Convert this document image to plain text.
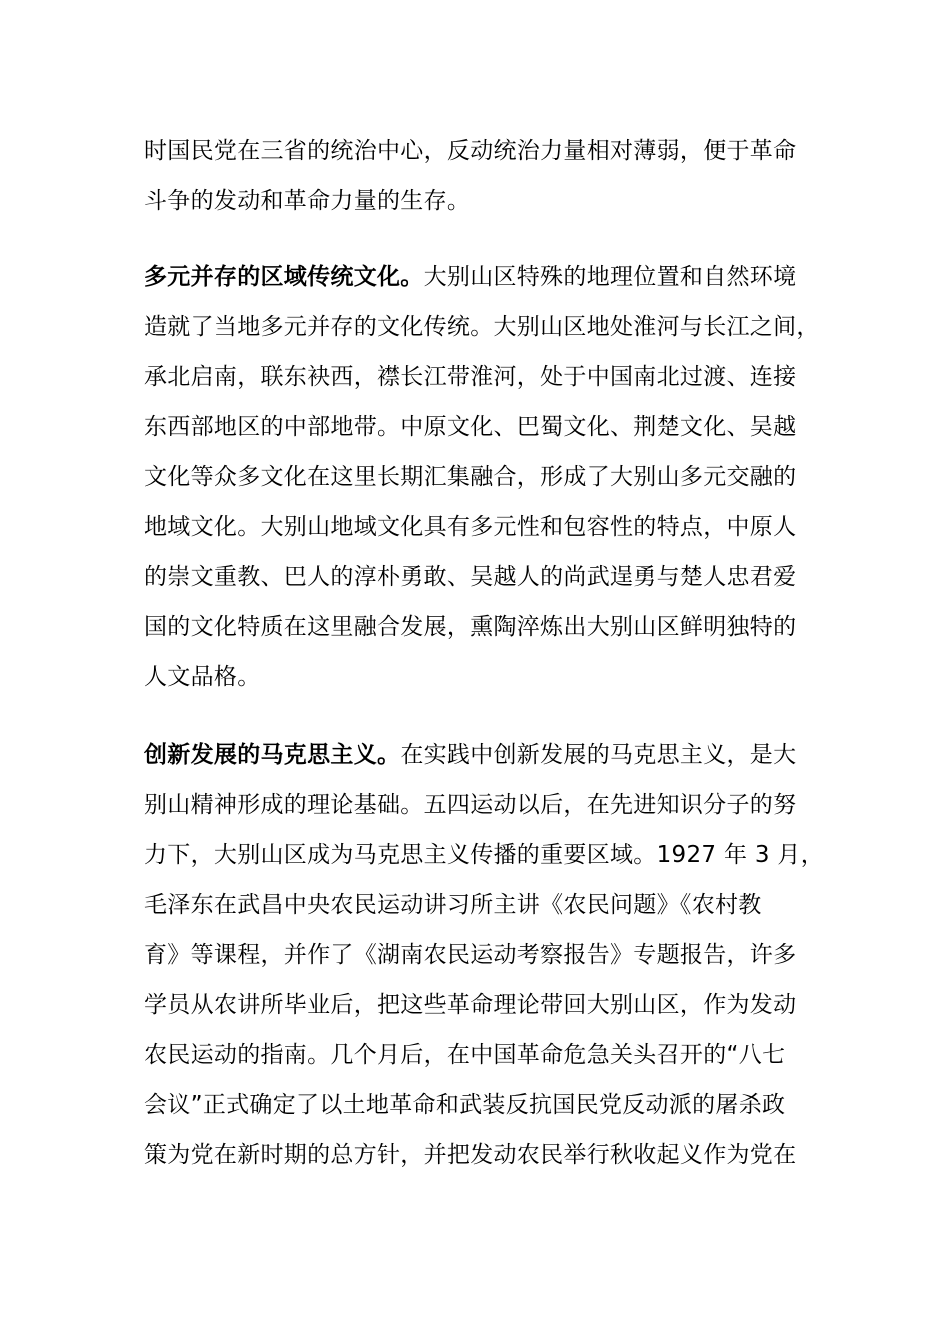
时国民党在三省的统治中心，反动统治力量相对薄弱，便于革命
斗争的发动和革命力量的生存。
多元并存的区域传统文化。大别山区特殊的地理位置和自然环境
造就了当地多元并存的文化传统。大别山区地处淮河与长江之间，
承北启南，联东袂西，襟长江带淮河，处于中国南北过渡、连接
东西部地区的中部地带。中原文化、巴蜀文化、荆楚文化、吴越
文化等众多文化在这里长期汇集融合，形成了大别山多元交融的
地域文化。大别山地域文化具有多元性和包容性的特点，中原人
的崇文重教、巴人的淳朴勇敢、吴越人的尚武逞勇与楚人忠君爱
国的文化特质在这里融合发展，熏陶淬炼出大别山区鲜明独特的
人文品格。
创新发展的马克思主义。在实践中创新发展的马克思主义，是大
别山精神形成的理论基础。五四运动以后，在先进知识分子的努
力下，大别山区成为马克思主义传播的重要区域。1927 年 3 月，
毛泽东在武昌中央农民运动讲习所主讲《农民问题》《农村教
育》等课程，并作了《湖南农民运动考察报告》专题报告，许多
学员从农讲所毕业后，把这些革命理论带回大别山区，作为发动
农民运动的指南。几个月后，在中国革命危急关头召开的“八七
会议”正式确定了以土地革命和武装反抗国民党反动派的屠杀政
策为党在新时期的总方针，并把发动农民举行秋收起义作为党在
